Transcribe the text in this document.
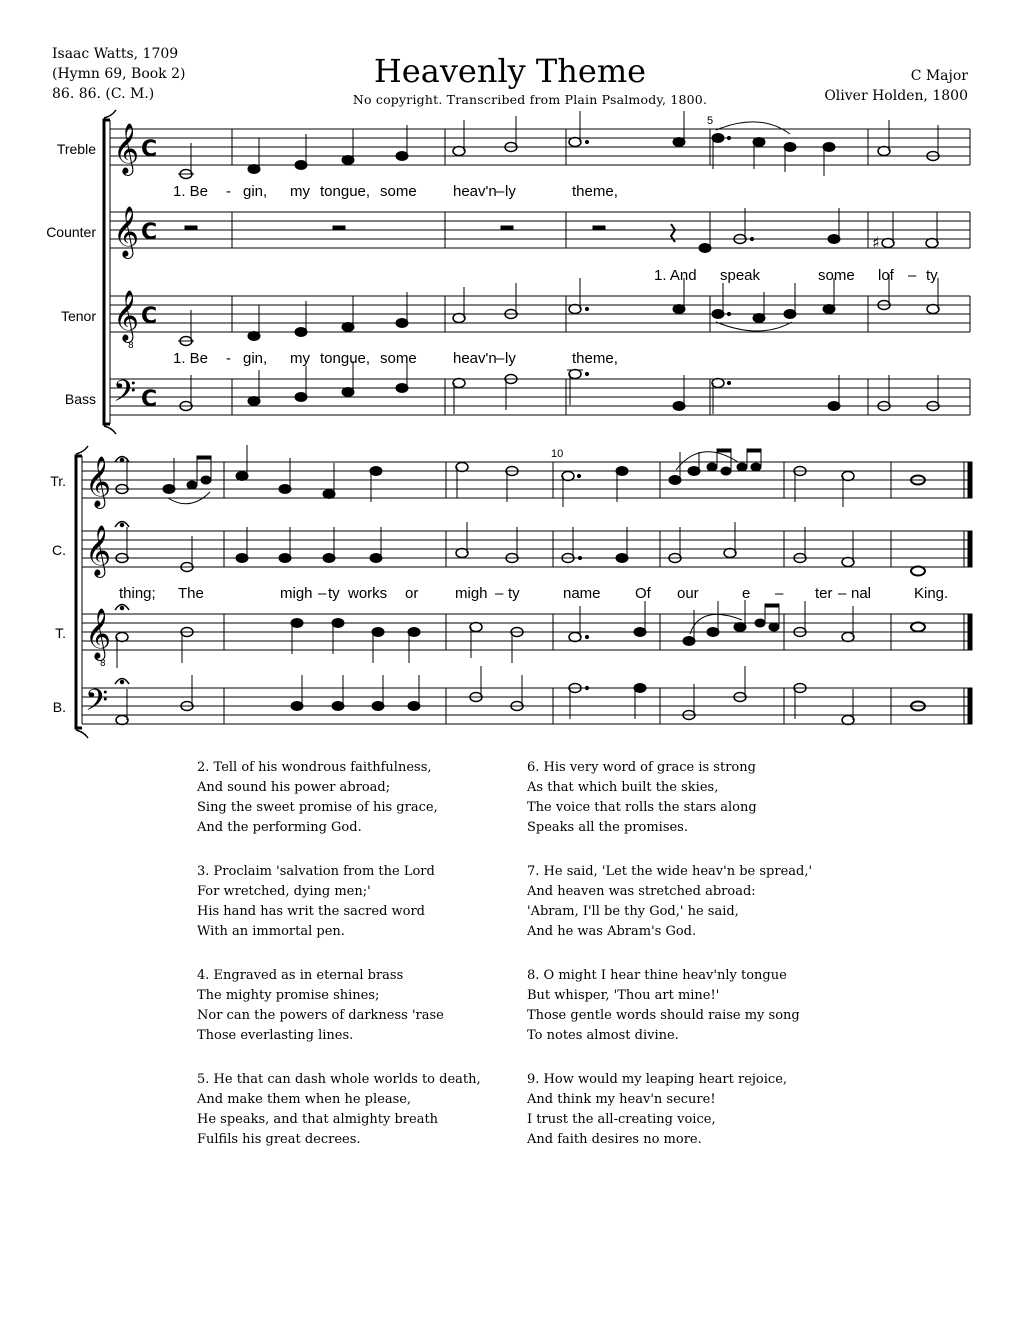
Isaac Watts, 1709
(Hymn 69, Book 2)
86. 86. (C. M.)
Heavenly Theme
No copyright. Transcribed from Plain Psalmody, 1800.
C Major
Oliver Holden, 1800
𝄞
𝄞
𝄞
8
𝄢
C
C
C
C
Treble
Counter
Tenor
Bass
5
♯
1. Be - gin, my tongue, some heav'n – ly	theme,
1. And speak	some lof – ty
1. Be - gin, my tongue, some heav'n – ly	theme,
𝄞
𝄞
𝄞
8
𝄢
Tr.
C.
T.
B.
10
thing; The	migh – ty works or migh – ty	name Of our	e – ter – nal	King.
2. Tell of his wondrous faithfulness,
And sound his power abroad;
Sing the sweet promise of his grace,
And the performing God.
3. Proclaim 'salvation from the Lord
For wretched, dying men;'
His hand has writ the sacred word
With an immortal pen.
4. Engraved as in eternal brass
The mighty promise shines;
Nor can the powers of darkness 'rase
Those everlasting lines.
5. He that can dash whole worlds to death,
And make them when he please,
He speaks, and that almighty breath
Fulfils his great decrees.
6. His very word of grace is strong
As that which built the skies,
The voice that rolls the stars along
Speaks all the promises.
7. He said, 'Let the wide heav'n be spread,'
And heaven was stretched abroad:
'Abram, I'll be thy God,' he said,
And he was Abram's God.
8. O might I hear thine heav'nly tongue
But whisper, 'Thou art mine!'
Those gentle words should raise my song
To notes almost divine.
9. How would my leaping heart rejoice,
And think my heav'n secure!
I trust the all-creating voice,
And faith desires no more.
